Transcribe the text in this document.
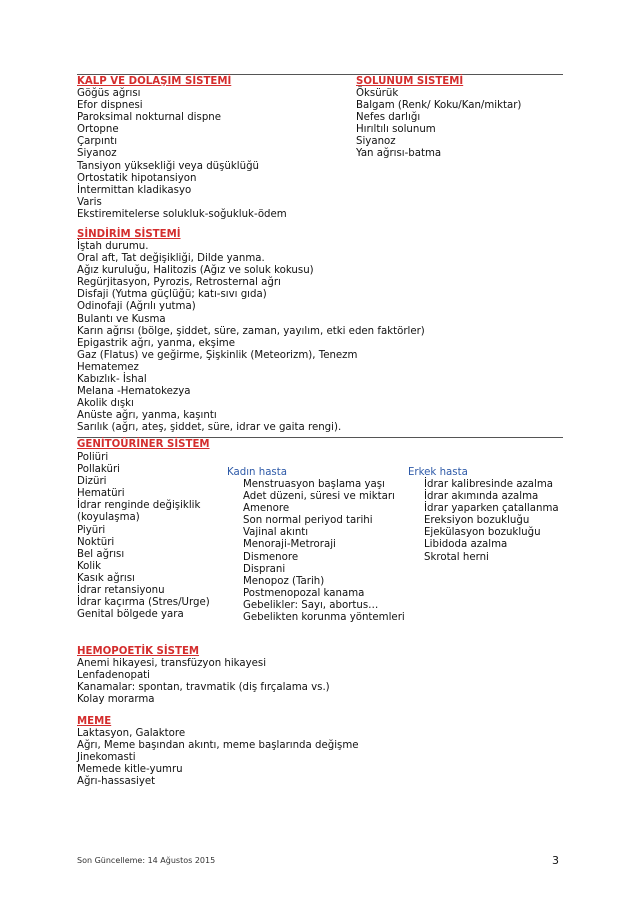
KALP VE DOLAŞIM SİSTEMİ
Göğüs ağrısı
Efor dispnesi
Paroksimal nokturnal dispne
Ortopne
Çarpıntı
Siyanoz
Tansiyon yüksekliği veya düşüklüğü
Ortostatik hipotansiyon
İntermittan kladikasyo
Varis
Ekstiremitelerse solukluk-soğukluk-ödem
SOLUNUM SİSTEMİ
Öksürük
Balgam (Renk/ Koku/Kan/miktar)
Nefes darlığı
Hırıltılı solunum
Siyanoz
Yan ağrısı-batma
SİNDİRİM SİSTEMİ
İştah durumu.
Oral aft, Tat değişikliği, Dilde yanma.
Ağız kuruluğu, Halitozis (Ağız ve soluk kokusu)
Regürjitasyon, Pyrozis, Retrosternal ağrı
Disfaji (Yutma güçlüğü; katı-sıvı gıda)
Odinofaji (Ağrılı yutma)
Bulantı ve Kusma
Karın ağrısı (bölge, şiddet, süre, zaman, yayılım, etki eden faktörler)
Epigastrik ağrı, yanma, ekşime
Gaz (Flatus) ve geğirme, Şişkinlik (Meteorizm), Tenezm
Hematemez
Kabızlık- İshal
Melana -Hematokezya
Akolik dışkı
Anüste ağrı, yanma, kaşıntı
Sarılık (ağrı, ateş, şiddet, süre, idrar ve gaita rengi).
GENİTOÜRİNER SİSTEM
Poliüri
Pollaküri
Dizüri
Hematüri
İdrar renginde değişiklik
(koyulaşma)
Piyüri
Noktüri
Bel ağrısı
Kolik
Kasık ağrısı
İdrar retansiyonu
İdrar kaçırma (Stres/Urge)
Genital bölgede yara
Kadın hasta
Menstruasyon başlama yaşı
Adet düzeni, süresi ve miktarı
Amenore
Son normal periyod tarihi
Vajinal akıntı
Menoraji-Metroraji
Dismenore
Disprani
Menopoz (Tarih)
Postmenopozal kanama
Gebelikler: Sayı, abortus…
Gebelikten korunma yöntemleri
Erkek hasta
İdrar kalibresinde azalma
İdrar akımında azalma
İdrar yaparken çatallanma
Ereksiyon bozukluğu
Ejekülasyon bozukluğu
Libidoda azalma
Skrotal herni
HEMOPOETİK SİSTEM
Anemi hikayesi, transfüzyon hikayesi
Lenfadenopati
Kanamalar: spontan, travmatik (diş fırçalama vs.)
Kolay morarma
MEME
Laktasyon, Galaktore
Ağrı, Meme başından akıntı, meme başlarında değişme
Jinekomasti
Memede kitle-yumru
Ağrı-hassasiyet
Son Güncelleme: 14 Ağustos 2015	3
